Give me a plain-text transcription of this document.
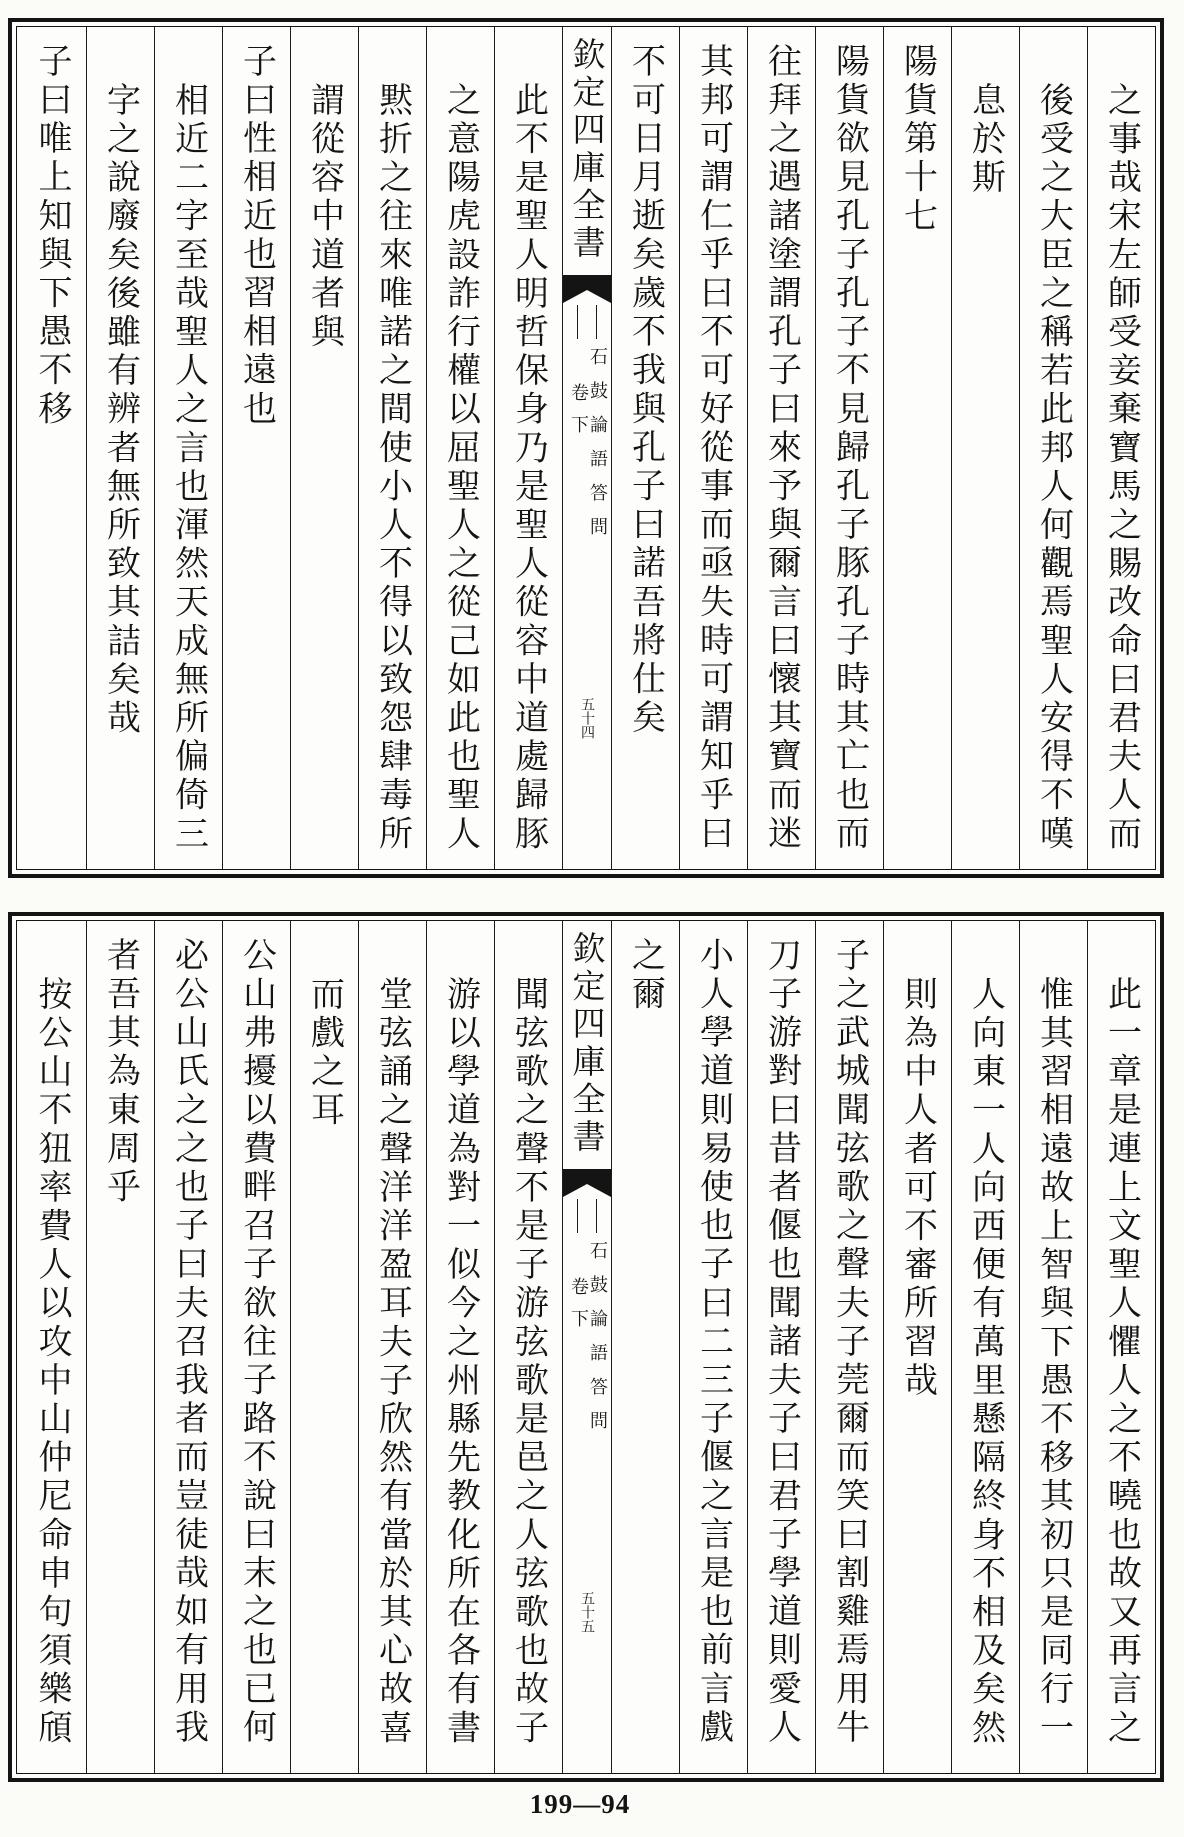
之事哉宋左師受妾棄寶馬之賜改命曰君夫人而
後受之大臣之稱若此邦人何觀焉聖人安得不嘆
息於斯
陽貨第十七
陽貨欲見孔子孔子不見歸孔子豚孔子時其亡也而
往拜之遇諸塗謂孔子曰來予與爾言曰懷其寶而迷
其邦可謂仁乎曰不可好從事而亟失時可謂知乎曰
不可日月逝矣歲不我與孔子曰諾吾將仕矣
欽定四庫全書
石鼓論語答問
卷下
五十四
此不是聖人明哲保身乃是聖人從容中道處歸豚
之意陽虎設詐行權以屈聖人之從己如此也聖人
黙折之往來唯諾之間使小人不得以致怨肆毒所
謂從容中道者與
子曰性相近也習相遠也
相近二字至哉聖人之言也渾然天成無所偏倚三
字之說廢矣後雖有辨者無所致其詰矣哉
子曰唯上知與下愚不移
此一章是連上文聖人懼人之不曉也故又再言之
惟其習相遠故上智與下愚不移其初只是同行一
人向東一人向西便有萬里懸隔終身不相及矣然
則為中人者可不審所習哉
子之武城聞弦歌之聲夫子莞爾而笑曰割雞焉用牛
刀子游對曰昔者偃也聞諸夫子曰君子學道則愛人
小人學道則易使也子曰二三子偃之言是也前言戲
之爾
欽定四庫全書
石鼓論語答問
卷下
五十五
聞弦歌之聲不是子游弦歌是邑之人弦歌也故子
游以學道為對一似今之州縣先教化所在各有書
堂弦誦之聲洋洋盈耳夫子欣然有當於其心故喜
而戲之耳
公山弗擾以費畔召子欲往子路不說曰末之也已何
必公山氏之之也子曰夫召我者而豈徒哉如有用我
者吾其為東周乎
按公山不狃率費人以攻中山仲尼命申句須樂頎
199—94
